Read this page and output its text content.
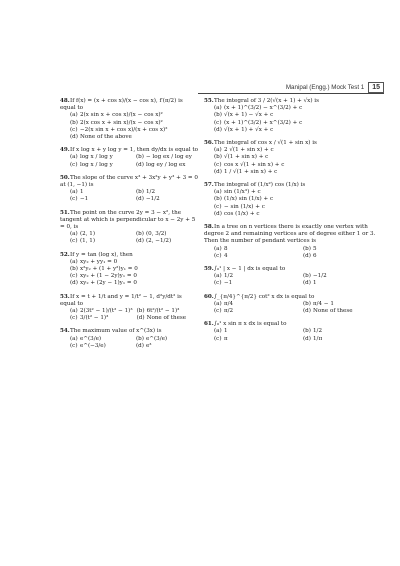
Manipal (Engg.) Mock Test 1 15
48.If f(x) = (x + cos x)/(x − cos x), f′(π/2) is equal to
(a) 2(x sin x + cos x)/(x − cos x)²
(b) 2(x cos x + sin x)/(x − cos x)²
(c) −2(x sin x + cos x)/(x + cos x)²
(d) None of the above
49.If x log x + y log y = 1, then dy/dx is equal to
(a) log x / log y	(b) − log ex / log ey
(c) log x / log y	(d) log ey / log ex
50.The slope of the curve x³ + 3x²y + y³ + 3 = 0 at (1, −1) is
(a) 1	(b) 1/2
(c) −1	(d) −1/2
51.The point on the curve 2y = 3 − x², the tangent at which is perpendicular to x − 2y + 5 = 0, is
(a) (2, 1)	(b) (0, 3/2)
(c) (1, 1)	(d) (2, −1/2)
52.If y = tan (log x), then
(a) xy₂ + yy₁ = 0
(b) x²y₂ + (1 + y²)y₁ = 0
(c) xy₂ + (1 − 2y)y₁ = 0
(d) xy₂ + (2y − 1)y₁ = 0
53.If x = t + 1/t and y = 1/t² − 1, d²y/dt² is equal to
(a) 2(3t² − 1)/(t² − 1)³ (b) 6t²/(t² − 1)³
(c) 3/(t² − 1)³	(d) None of these
54.The maximum value of x^(3x) is
(a) e^(3/e)	(b) e^(3/e)
(c) e^(−3/e)	(d) e³
55.The integral of 3 / 2(√(x + 1) + √x) is
(a) (x + 1)^(3/2) − x^(3/2) + c
(b) √(x + 1) − √x + c
(c) (x + 1)^(3/2) + x^(3/2) + c
(d) √(x + 1) + √x + c
56.The integral of cos x / √(1 + sin x) is
(a) 2 √(1 + sin x) + c
(b) √(1 + sin x) + c
(c) cos x √(1 + sin x) + c
(d) 1 / √(1 + sin x) + c
57.The integral of (1/x²) cos (1/x) is
(a) sin (1/x³) + c
(b) (1/x) sin (1/x) + c
(c) − sin (1/x) + c
(d) cos (1/x) + c
58.In a tree on n vertices there is exactly one vertex with degree 2 and remaining vertices are of degree either 1 or 3. Then the number of pendant vertices is
(a) 8	(b) 5
(c) 4	(d) 6
59.∫₀¹ | x − 1 | dx is equal to
(a) 1/2	(b) −1/2
(c) −1	(d) 1
60.∫_{π/4}^{π/2} cot² x dx is equal to
(a) π/4	(b) π/4 − 1
(c) π/2	(d) None of these
61.∫₀¹ x sin π x dx is equal to
(a) 1	(b) 1/2
(c) π	(d) 1/π
